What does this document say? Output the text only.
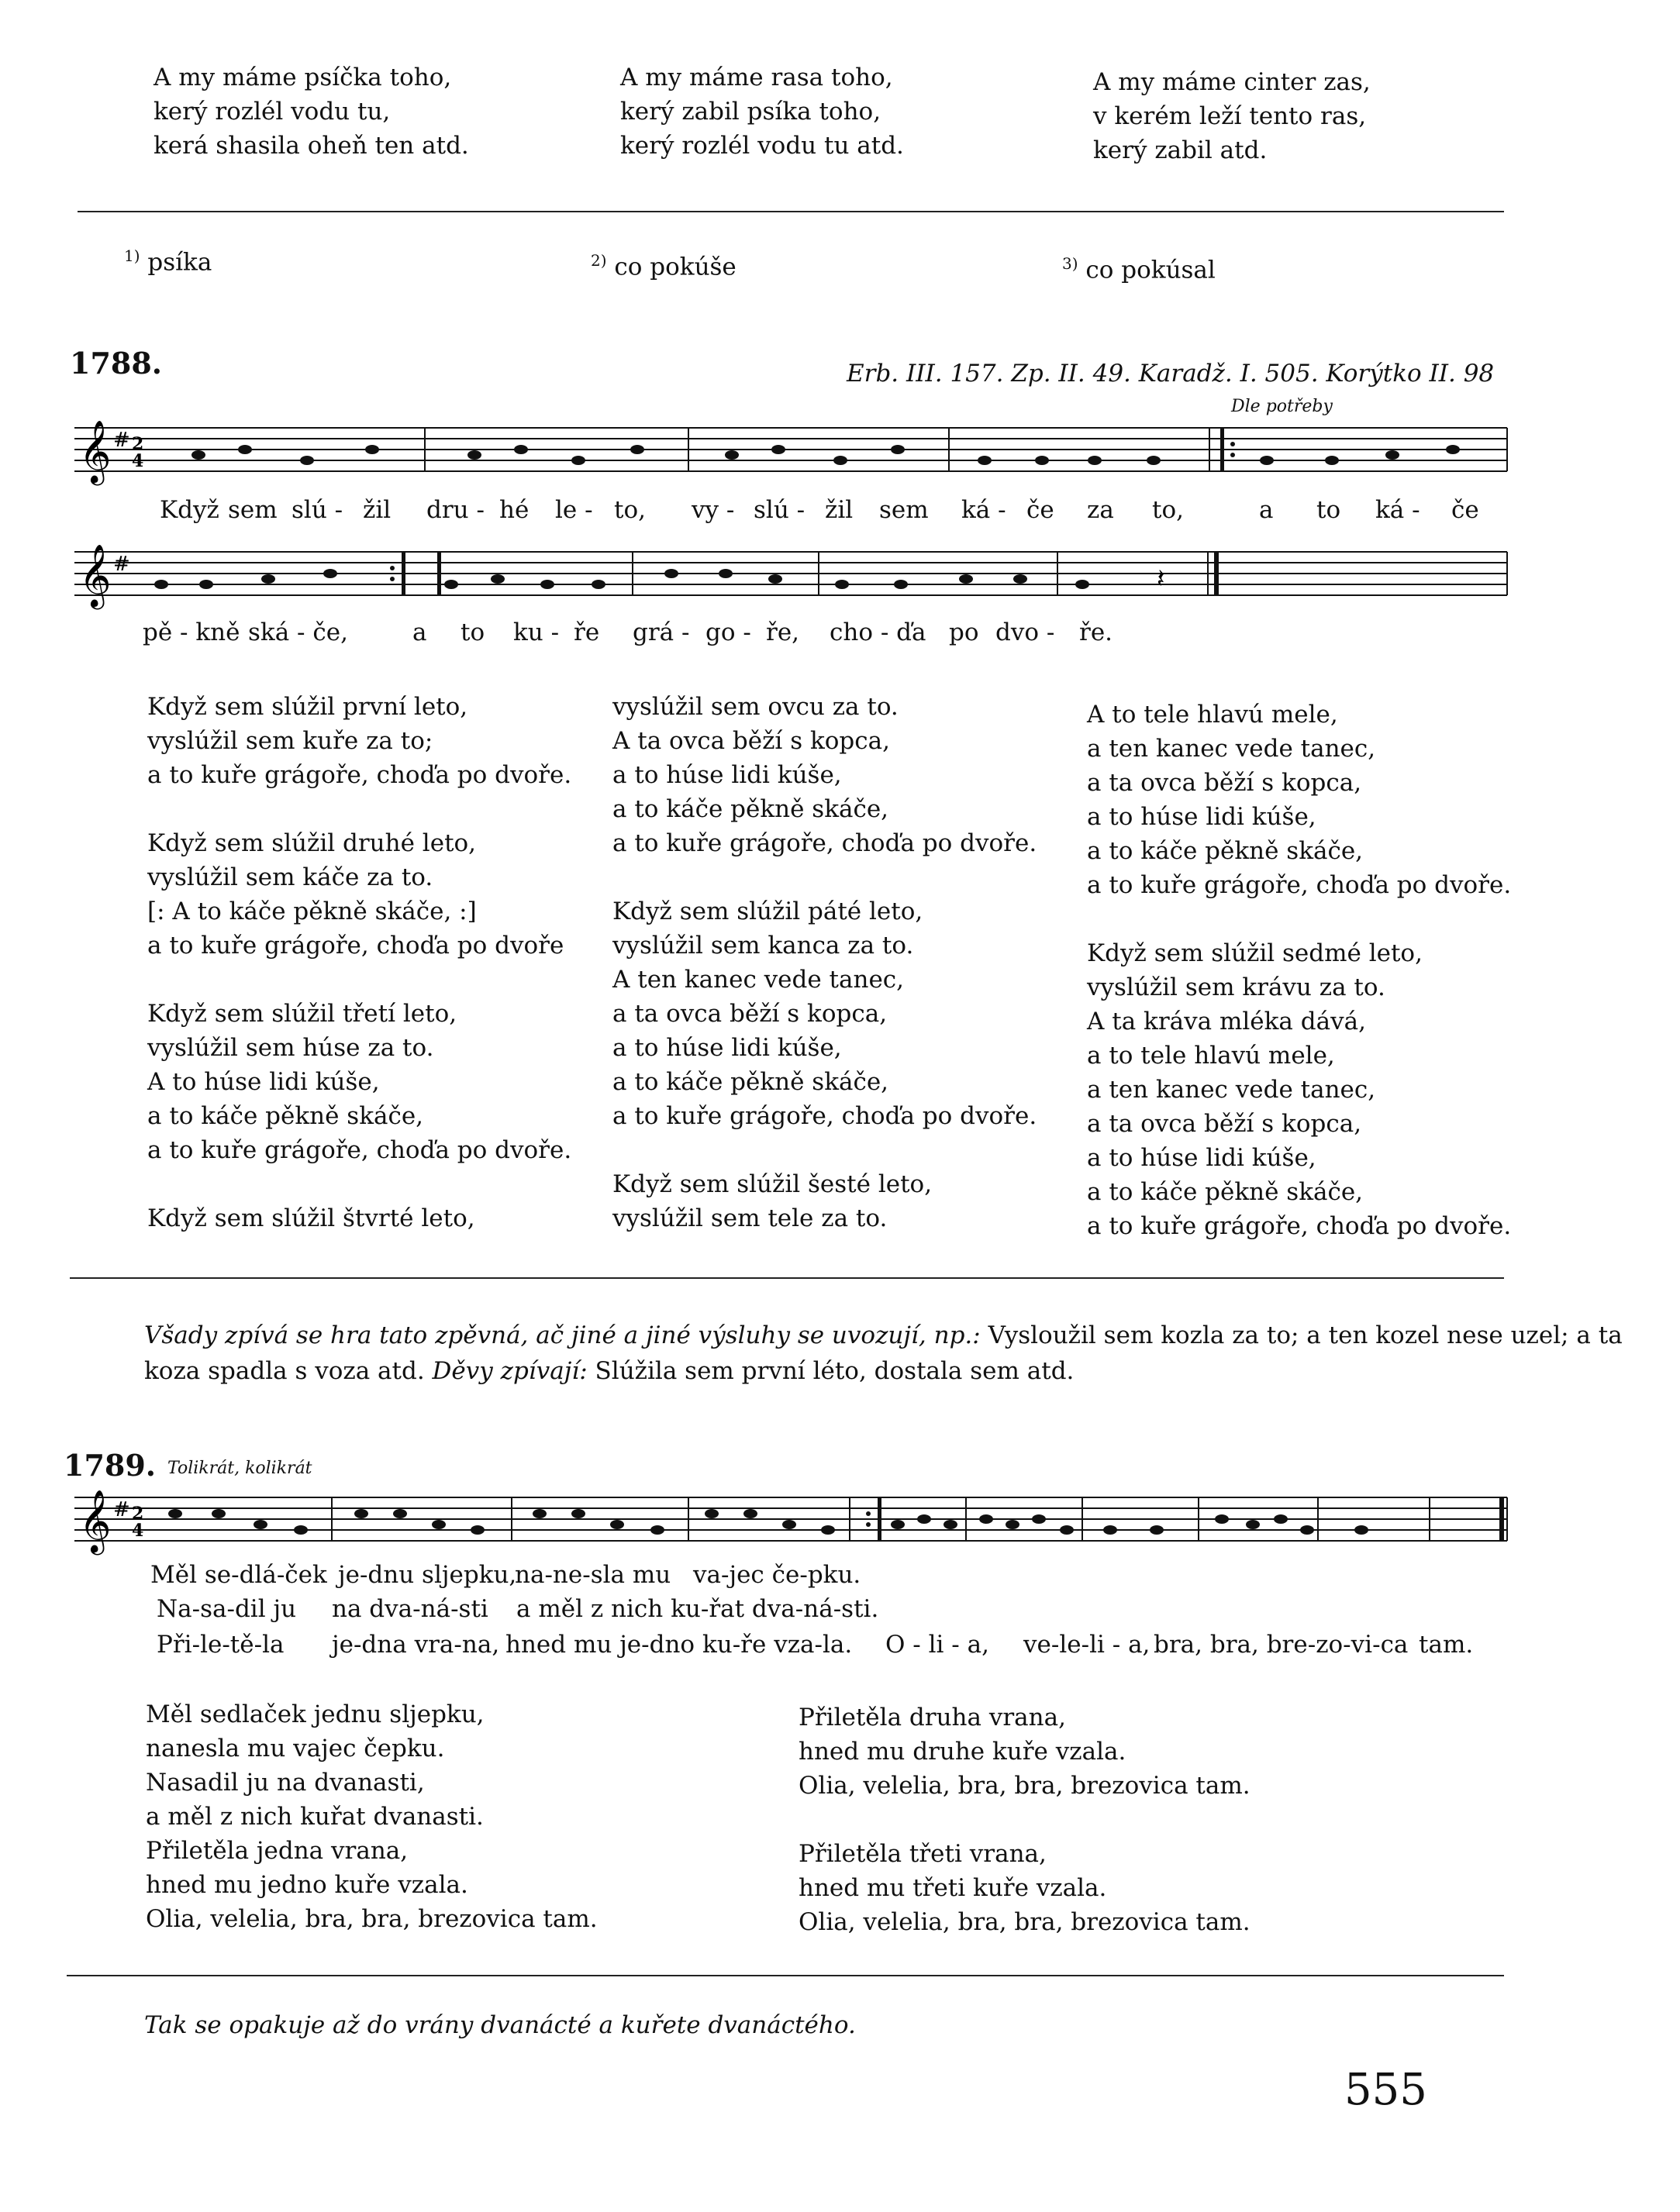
A my máme psíčka toho,

kerý rozlél vodu tu,

kerá shasila oheň ten atd.

A my máme rasa toho,

kerý zabil psíka toho,

kerý rozlél vodu tu atd.

A my máme cinter zas,

v kerém leží tento ras,

kerý zabil atd.

$^{1)}$ psíka	$^{2)}$ co pokúše	$^{3)}$ co pokúsal
1788.	Erb. III. 157. Zp. II. 49. Karadž. I. 505. Korýtko II. 98
Dle potřeby
𝄞 # 2
4
Když sem slú - žil dru - hé le - to, vy - slú - žil sem ká - če za to,	a to ká - če
𝄞 #	𝄽
pě - kně ská - če,	a to ku - ře grá - go - ře, cho - ďa po dvo - ře.

Když sem slúžil první leto,

vyslúžil sem kuře za to;

a to kuře grágoře, choďa po dvoře.

Když sem slúžil druhé leto,

vyslúžil sem káče za to.

[: A to káče pěkně skáče, :]

a to kuře grágoře, choďa po dvoře

Když sem slúžil třetí leto,

vyslúžil sem húse za to.

A to húse lidi kúše,

a to káče pěkně skáče,

a to kuře grágoře, choďa po dvoře.

Když sem slúžil štvrté leto,

vyslúžil sem ovcu za to.

A ta ovca běží s kopca,

a to húse lidi kúše,

a to káče pěkně skáče,

a to kuře grágoře, choďa po dvoře.

Když sem slúžil páté leto,

vyslúžil sem kanca za to.

A ten kanec vede tanec,

a ta ovca běží s kopca,

a to húse lidi kúše,

a to káče pěkně skáče,

a to kuře grágoře, choďa po dvoře.

Když sem slúžil šesté leto,

vyslúžil sem tele za to.

A to tele hlavú mele,

a ten kanec vede tanec,

a ta ovca běží s kopca,

a to húse lidi kúše,

a to káče pěkně skáče,

a to kuře grágoře, choďa po dvoře.

Když sem slúžil sedmé leto,

vyslúžil sem krávu za to.

A ta kráva mléka dává,

a to tele hlavú mele,

a ten kanec vede tanec,

a ta ovca běží s kopca,

a to húse lidi kúše,

a to káče pěkně skáče,

a to kuře grágoře, choďa po dvoře.

Všady zpívá se hra tato zpěvná, ač jiné a jiné výsluhy se uvozují, np.: Vysloužil sem kozla za to; a ten kozel nese uzel; a ta koza spadla s voza atd. Děvy zpívají: Slúžila sem první léto, dostala sem atd.
1789. Tolikrát, kolikrát
𝄞 # 2
4
Měl se-dlá-ček je-dnu sljepku,
na-ne-sla mu va-jec če-pku.
Na-sa-dil ju na dva-ná-sti a měl z nich ku-řat dva-ná-sti.
Při-le-tě-la je-dna vra-na, hned mu je-dno ku-ře vza-la. O - li - a, ve-le-li - a, bra, bra, bre-zo-vi-ca tam.

Měl sedlaček jednu sljepku,

nanesla mu vajec čepku.

Nasadil ju na dvanasti,

a měl z nich kuřat dvanasti.

Přiletěla jedna vrana,

hned mu jedno kuře vzala.

Olia, velelia, bra, bra, brezovica tam.

Přiletěla druha vrana,

hned mu druhe kuře vzala.

Olia, velelia, bra, bra, brezovica tam.

Přiletěla třeti vrana,

hned mu třeti kuře vzala.

Olia, velelia, bra, bra, brezovica tam.

Tak se opakuje až do vrány dvanácté a kuřete dvanáctého.
555
